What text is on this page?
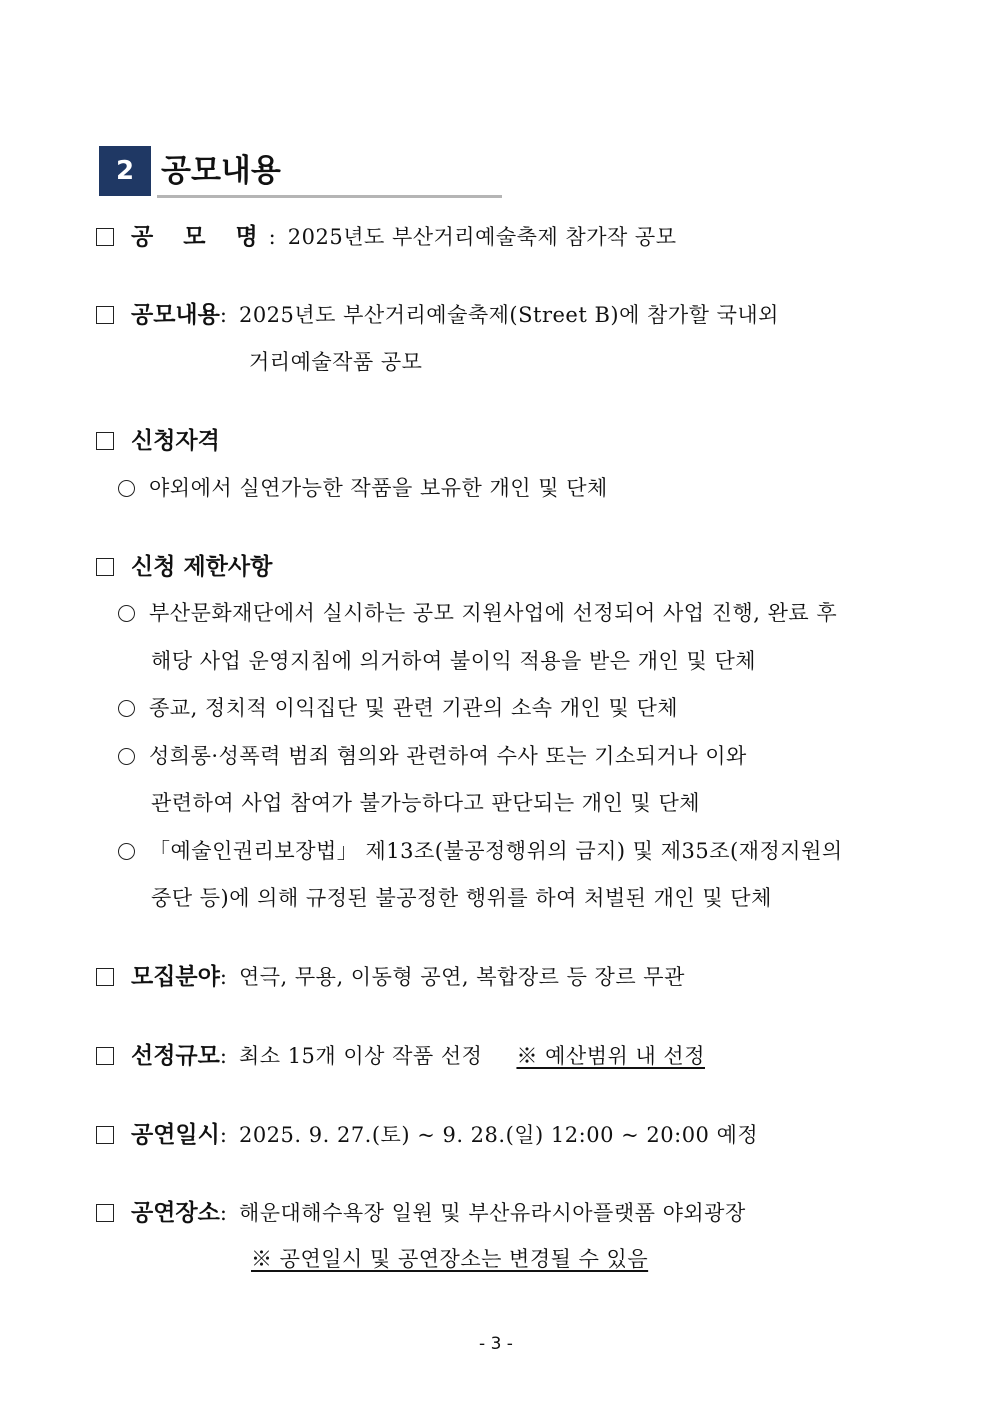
2 공모내용
공 모 명: 2025년도 부산거리예술축제 참가작 공모
공모내용: 2025년도 부산거리예술축제(Street B)에 참가할 국내외
거리예술작품 공모
신청자격
야외에서 실연가능한 작품을 보유한 개인 및 단체
신청 제한사항
부산문화재단에서 실시하는 공모 지원사업에 선정되어 사업 진행, 완료 후
해당 사업 운영지침에 의거하여 불이익 적용을 받은 개인 및 단체
종교, 정치적 이익집단 및 관련 기관의 소속 개인 및 단체
성희롱·성폭력 범죄 혐의와 관련하여 수사 또는 기소되거나 이와
관련하여 사업 참여가 불가능하다고 판단되는 개인 및 단체
「예술인권리보장법」 제13조(불공정행위의 금지) 및 제35조(재정지원의
중단 등)에 의해 규정된 불공정한 행위를 하여 처벌된 개인 및 단체
모집분야: 연극, 무용, 이동형 공연, 복합장르 등 장르 무관
선정규모: 최소 15개 이상 작품 선정 ※ 예산범위 내 선정
공연일시: 2025. 9. 27.(토) ~ 9. 28.(일) 12:00 ~ 20:00 예정
공연장소: 해운대해수욕장 일원 및 부산유라시아플랫폼 야외광장
※ 공연일시 및 공연장소는 변경될 수 있음
- 3 -
